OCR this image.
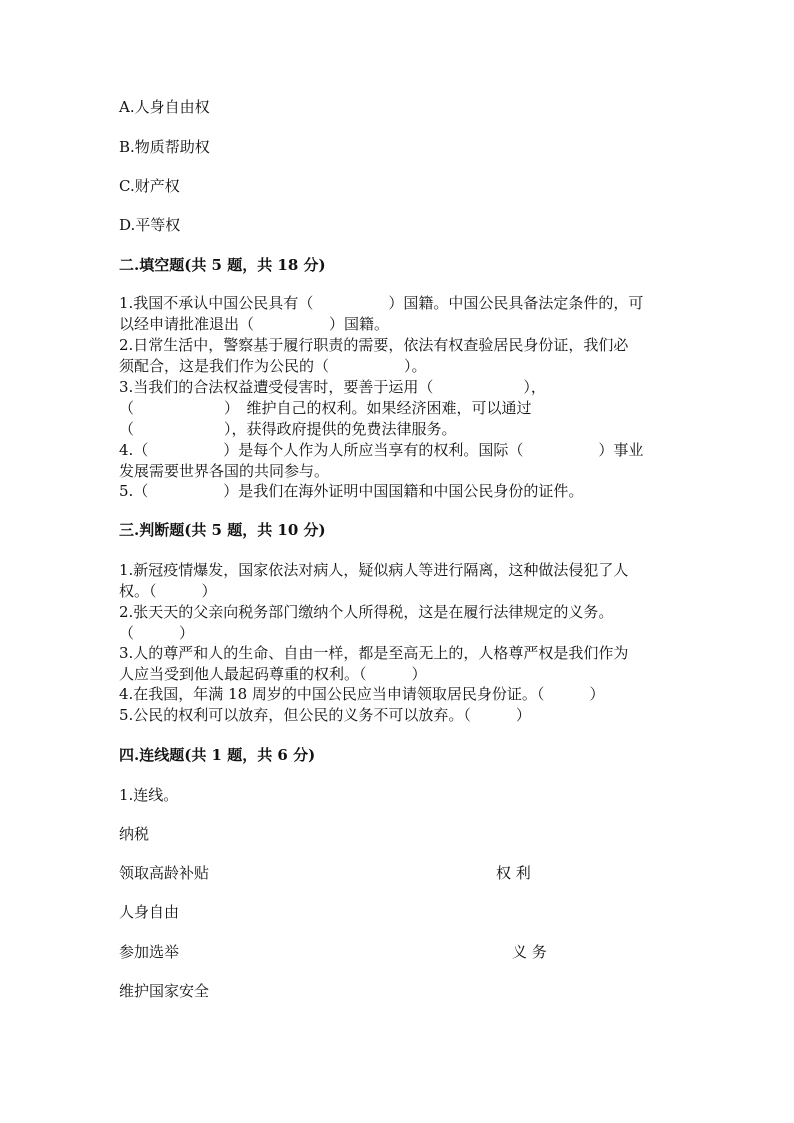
A.人身自由权
B.物质帮助权
C.财产权
D.平等权
二.填空题(共 5 题，共 18 分)
1.我国不承认中国公民具有（　　　　　）国籍。中国公民具备法定条件的，可
以经申请批准退出（　　　　　）国籍。
2.日常生活中，警察基于履行职责的需要，依法有权查验居民身份证，我们必
须配合，这是我们作为公民的（　　　　　）。
3.当我们的合法权益遭受侵害时，要善于运用（　　　　　　），
（　　　　　　）　维护自己的权利。如果经济困难，可以通过
（　　　　　　），获得政府提供的免费法律服务。
4.（　　　　　）是每个人作为人所应当享有的权利。国际（　　　　　）事业
发展需要世界各国的共同参与。
5.（　　　　　）是我们在海外证明中国国籍和中国公民身份的证件。
三.判断题(共 5 题，共 10 分)
1.新冠疫情爆发，国家依法对病人，疑似病人等进行隔离，这种做法侵犯了人
权。（　　　）
2.张天天的父亲向税务部门缴纳个人所得税，这是在履行法律规定的义务。
（　　　）
3.人的尊严和人的生命、自由一样，都是至高无上的，人格尊严权是我们作为
人应当受到他人最起码尊重的权利。（　　　）
4.在我国，年满 18 周岁的中国公民应当申请领取居民身份证。（　　　）
5.公民的权利可以放弃，但公民的义务不可以放弃。（　　　）
四.连线题(共 1 题，共 6 分)
1.连线。
纳税
领取高龄补贴	权 利
人身自由
参加选举	义 务
维护国家安全
